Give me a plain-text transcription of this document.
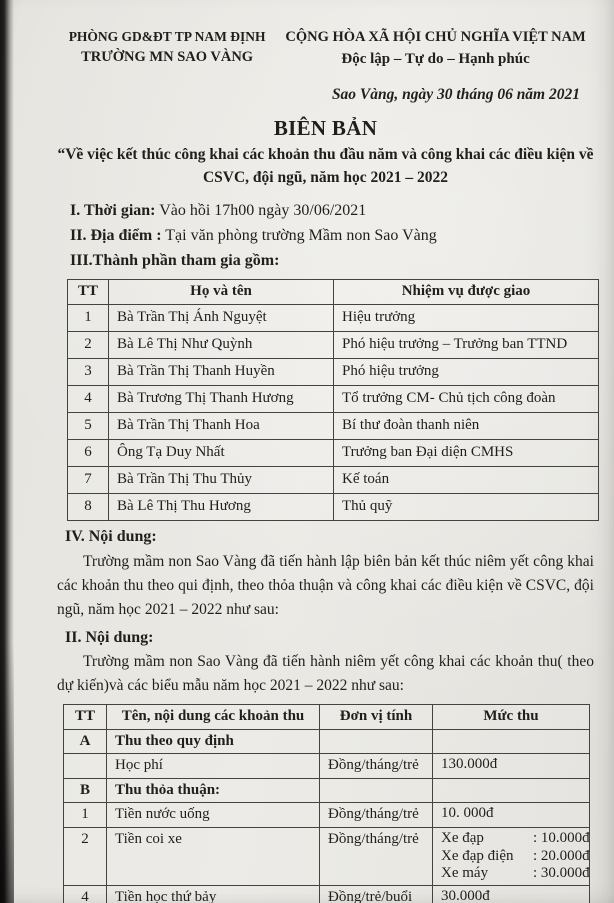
PHÒNG GD&ĐT TP NAM ĐỊNH
TRƯỜNG MN SAO VÀNG
CỘNG HÒA XÃ HỘI CHỦ NGHĨA VIỆT NAM
Độc lập – Tự do – Hạnh phúc
Sao Vàng, ngày 30 tháng 06 năm 2021
BIÊN BẢN
“Về việc kết thúc công khai các khoản thu đầu năm và công khai các điều kiện về CSVC, đội ngũ, năm học 2021 – 2022
I. Thời gian: Vào hồi 17h00 ngày 30/06/2021
II. Địa điểm : Tại văn phòng trường Mầm non Sao Vàng
III.Thành phần tham gia gồm:
TT	Họ và tên	Nhiệm vụ được giao
1	Bà Trần Thị Ánh Nguyệt	Hiệu trưởng
2	Bà Lê Thị Như Quỳnh	Phó hiệu trưởng – Trưởng ban TTND
3	Bà Trần Thị Thanh Huyền	Phó hiệu trưởng
4	Bà Trương Thị Thanh Hương	Tổ trưởng CM- Chủ tịch công đoàn
5	Bà Trần Thị Thanh Hoa	Bí thư đoàn thanh niên
6	Ông Tạ Duy Nhất	Trưởng ban Đại diện CMHS
7	Bà Trần Thị Thu Thủy	Kế toán
8	Bà Lê Thị Thu Hương	Thủ quỹ
IV. Nội dung:

Trường mầm non Sao Vàng đã tiến hành lập biên bản kết thúc niêm yết công khai các khoản thu theo qui định, theo thỏa thuận và công khai các điều kiện về CSVC, đội ngũ, năm học 2021 – 2022 như sau:

II. Nội dung:

Trường mầm non Sao Vàng đã tiến hành niêm yết công khai các khoản thu( theo dự kiến)và các biểu mẫu năm học 2021 – 2022 như sau:

TT	Tên, nội dung các khoản thu	Đơn vị tính	Mức thu
A	Thu theo quy định		
	Học phí	Đồng/tháng/trẻ	130.000đ

B	Thu thỏa thuận:		
1	Tiền nước uống	Đồng/tháng/trẻ	10. 000đ

2	Tiền coi xe	Đồng/tháng/trẻ	Xe đạp : 10.000đ
Xe đạp điện : 20.000đ
Xe máy : 30.000đ

4	Tiền học thứ bảy	Đồng/trẻ/buổi	30.000đ
